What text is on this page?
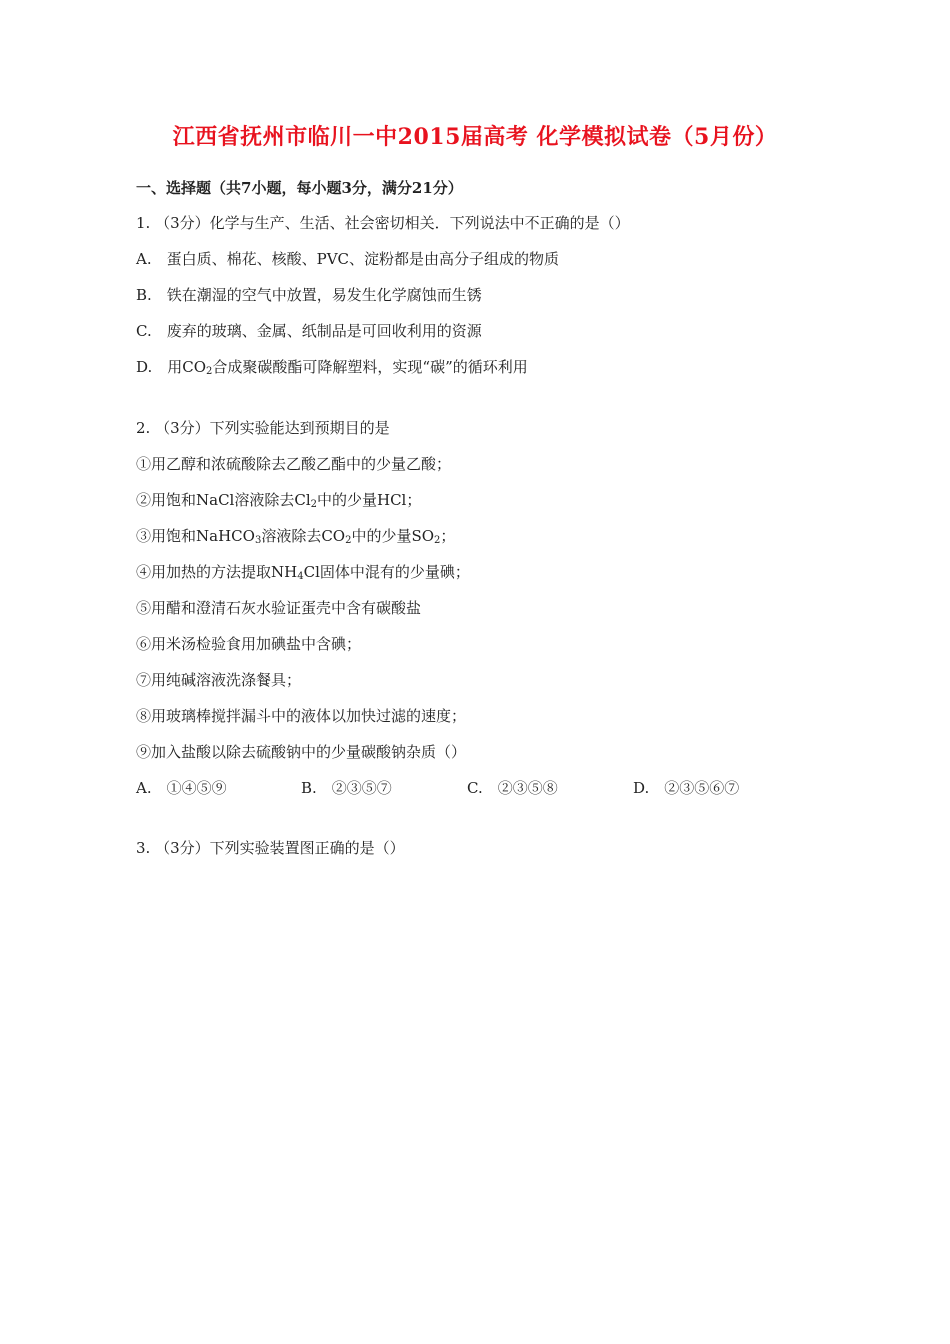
江西省抚州市临川一中2015届高考 化学模拟试卷（5月份）
一、选择题（共7小题，每小题3分，满分21分）
1. （3分）化学与生产、生活、社会密切相关．下列说法中不正确的是（）
A.　蛋白质、棉花、核酸、PVC、淀粉都是由高分子组成的物质
B.　铁在潮湿的空气中放置，易发生化学腐蚀而生锈
C.　废弃的玻璃、金属、纸制品是可回收利用的资源
D.　用$CO_2$合成聚碳酸酯可降解塑料，实现“碳”的循环利用
2. （3分）下列实验能达到预期目的是
①用乙醇和浓硫酸除去乙酸乙酯中的少量乙酸；
②用饱和NaCl溶液除去$Cl_2$中的少量HCl；
③用饱和NaHCO$_3$溶液除去$CO_2$中的少量$SO_2$；
④用加热的方法提取$NH_4Cl$固体中混有的少量碘；
⑤用醋和澄清石灰水验证蛋壳中含有碳酸盐
⑥用米汤检验食用加碘盐中含碘；
⑦用纯碱溶液洗涤餐具；
⑧用玻璃棒搅拌漏斗中的液体以加快过滤的速度；
⑨加入盐酸以除去硫酸钠中的少量碳酸钠杂质（）
A.　①④⑤⑨	B.　②③⑤⑦	C.　②③⑤⑧	D.　②③⑤⑥⑦
3. （3分）下列实验装置图正确的是（）
